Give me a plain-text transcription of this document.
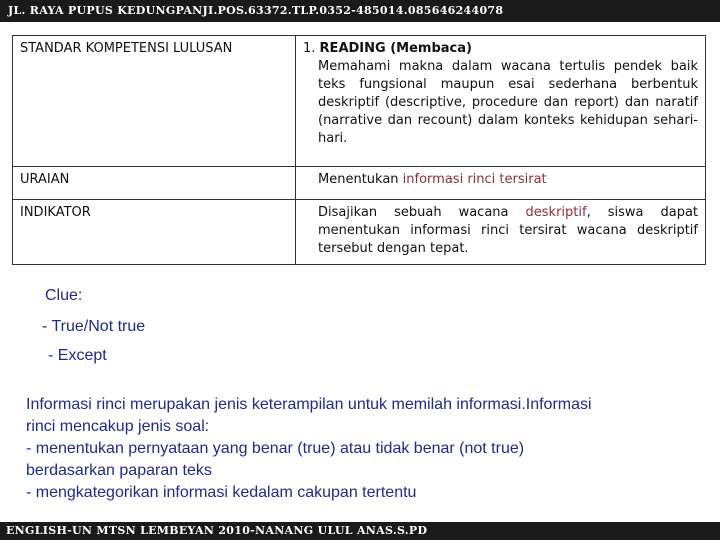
JL. RAYA PUPUS KEDUNGPANJI.POS.63372.TLP.0352-485014.085646244078
STANDAR KOMPETENSI LULUSAN	1. READING (Membaca)
Memahami makna dalam wacana tertulis pendek baik teks fungsional maupun esai sederhana berbentuk deskriptif (descriptive, procedure dan report) dan naratif (narrative dan recount) dalam konteks kehidupan sehari-hari.

URAIAN	Menentukan informasi rinci tersirat

INDIKATOR	Disajikan sebuah wacana deskriptif, siswa dapat menentukan informasi rinci tersirat wacana deskriptif tersebut dengan tepat.
Clue:
- True/Not true
- Except
Informasi rinci merupakan jenis keterampilan untuk memilah informasi.Informasi
rinci mencakup jenis soal:
- menentukan pernyataan yang benar (true) atau tidak benar (not true)
berdasarkan paparan teks
- mengkategorikan informasi kedalam cakupan tertentu
ENGLISH-UN MTSN LEMBEYAN 2010-NANANG ULUL ANAS.S.PD
